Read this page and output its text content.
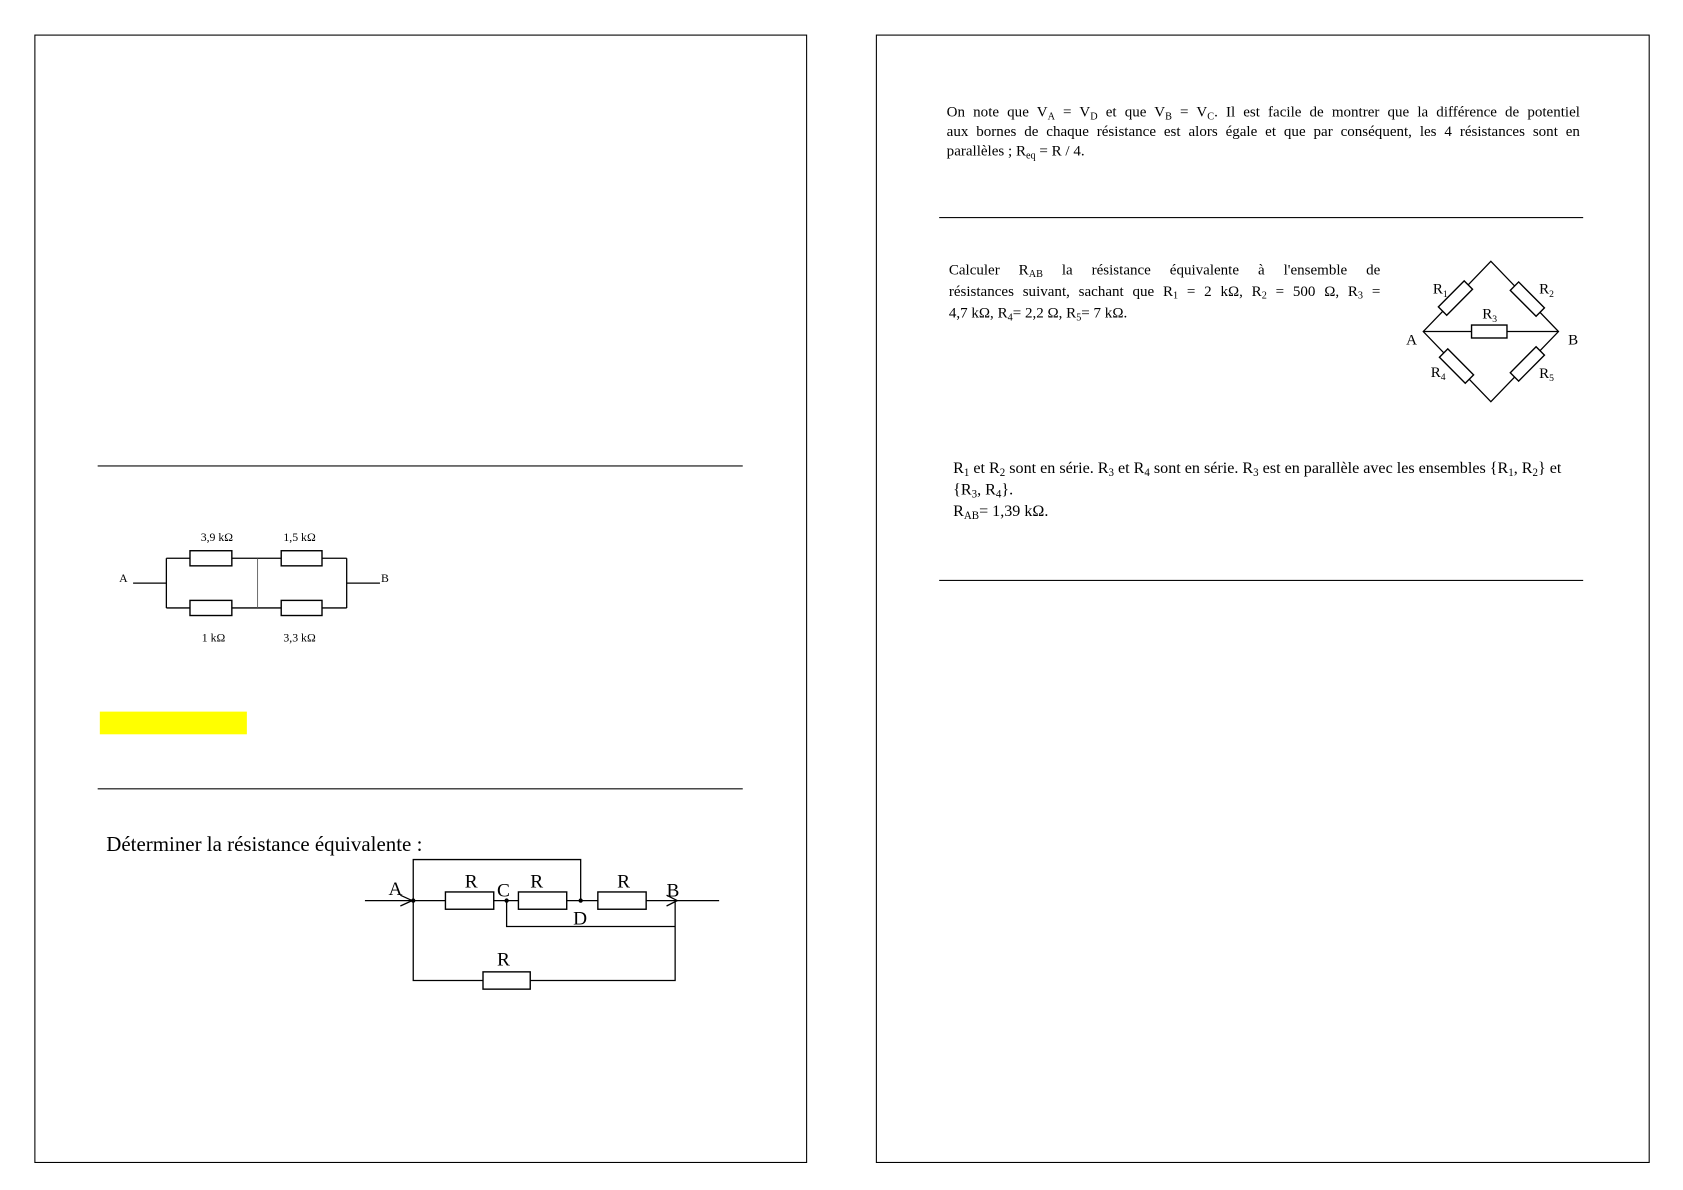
A	B
3,9 kΩ	1,5 kΩ
1 kΩ	3,3 kΩ
Déterminer la résistance équivalente :
A	R C R	R B
D
R
On note que $V_A = V_D$ et que $V_B = V_C$. Il est facile de montrer que la différence de potentiel
aux bornes de chaque résistance est alors égale et que par conséquent, les 4 résistances sont en
parallèles ; $R_{eq} = R / 4$.
Calculer $R_{AB}$ la résistance équivalente à l'ensemble de
résistances suivant, sachant que $R_1 = 2$ kΩ, $R_2 = 500$ Ω, $R_3$ =
4,7 kΩ, $R_4= 2,2$ Ω, $R_5= 7$ kΩ.
$R_1$	$R_2$
$R_3$
$R_4$	$R_5$
A	B
$R_1$ et $R_2$ sont en série. $R_3$ et $R_4$ sont en série. $R_3$ est en parallèle avec les ensembles {$R_1$, $R_2$} et
{$R_3$, $R_4$}.
$R_{AB}= 1,39$ kΩ.
